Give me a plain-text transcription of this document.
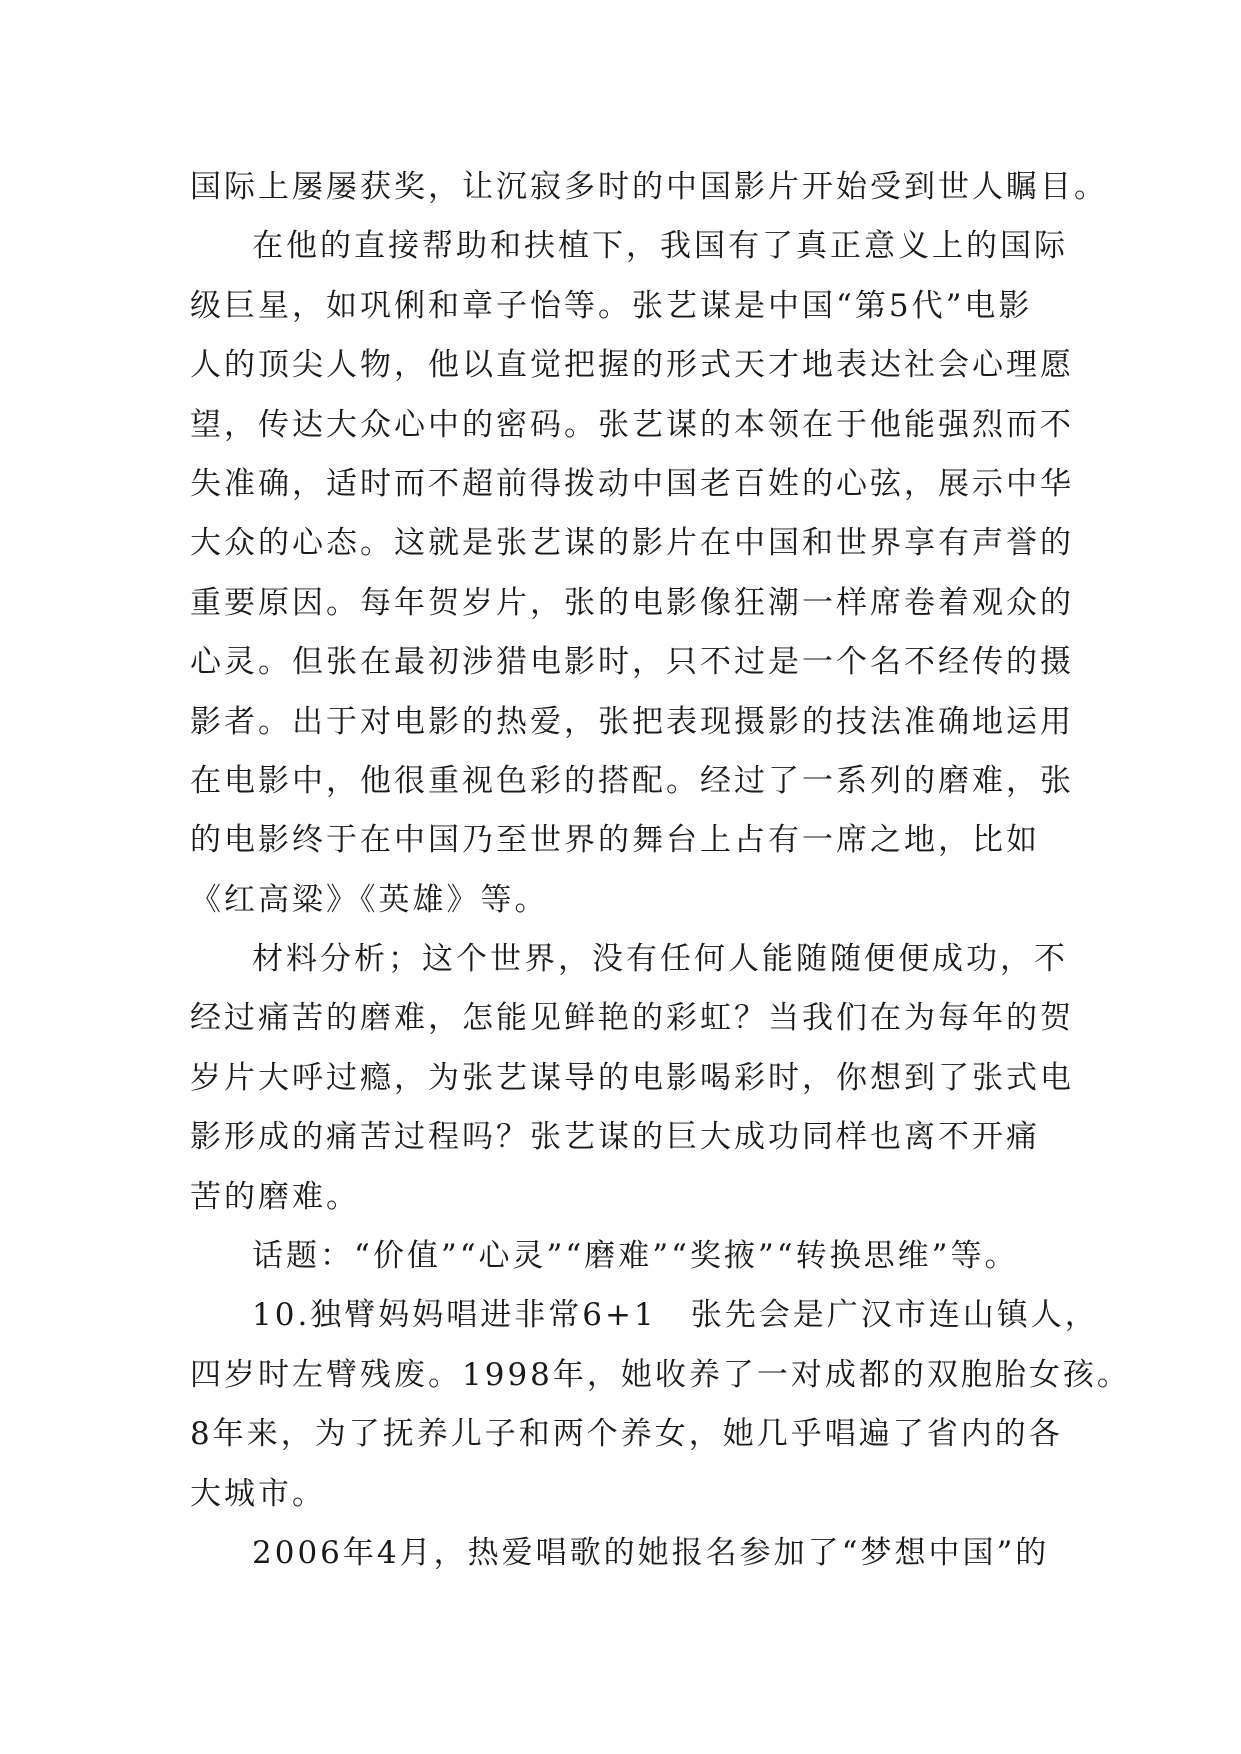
国际上屡屡获奖，让沉寂多时的中国影片开始受到世人瞩目。
在他的直接帮助和扶植下，我国有了真正意义上的国际
级巨星，如巩俐和章子怡等。张艺谋是中国“第5代”电影
人的顶尖人物，他以直觉把握的形式天才地表达社会心理愿
望，传达大众心中的密码。张艺谋的本领在于他能强烈而不
失准确，适时而不超前得拨动中国老百姓的心弦，展示中华
大众的心态。这就是张艺谋的影片在中国和世界享有声誉的
重要原因。每年贺岁片，张的电影像狂潮一样席卷着观众的
心灵。但张在最初涉猎电影时，只不过是一个名不经传的摄
影者。出于对电影的热爱，张把表现摄影的技法准确地运用
在电影中，他很重视色彩的搭配。经过了一系列的磨难，张
的电影终于在中国乃至世界的舞台上占有一席之地，比如
《红高粱》《英雄》等。
材料分析；这个世界，没有任何人能随随便便成功，不
经过痛苦的磨难，怎能见鲜艳的彩虹？当我们在为每年的贺
岁片大呼过瘾，为张艺谋导的电影喝彩时，你想到了张式电
影形成的痛苦过程吗？张艺谋的巨大成功同样也离不开痛
苦的磨难。
话题：“价值”“心灵”“磨难”“奖掖”“转换思维”等。
10.独臂妈妈唱进非常6+1　张先会是广汉市连山镇人，
四岁时左臂残废。1998年，她收养了一对成都的双胞胎女孩。
8年来，为了抚养儿子和两个养女，她几乎唱遍了省内的各
大城市。
2006年4月，热爱唱歌的她报名参加了“梦想中国”的
